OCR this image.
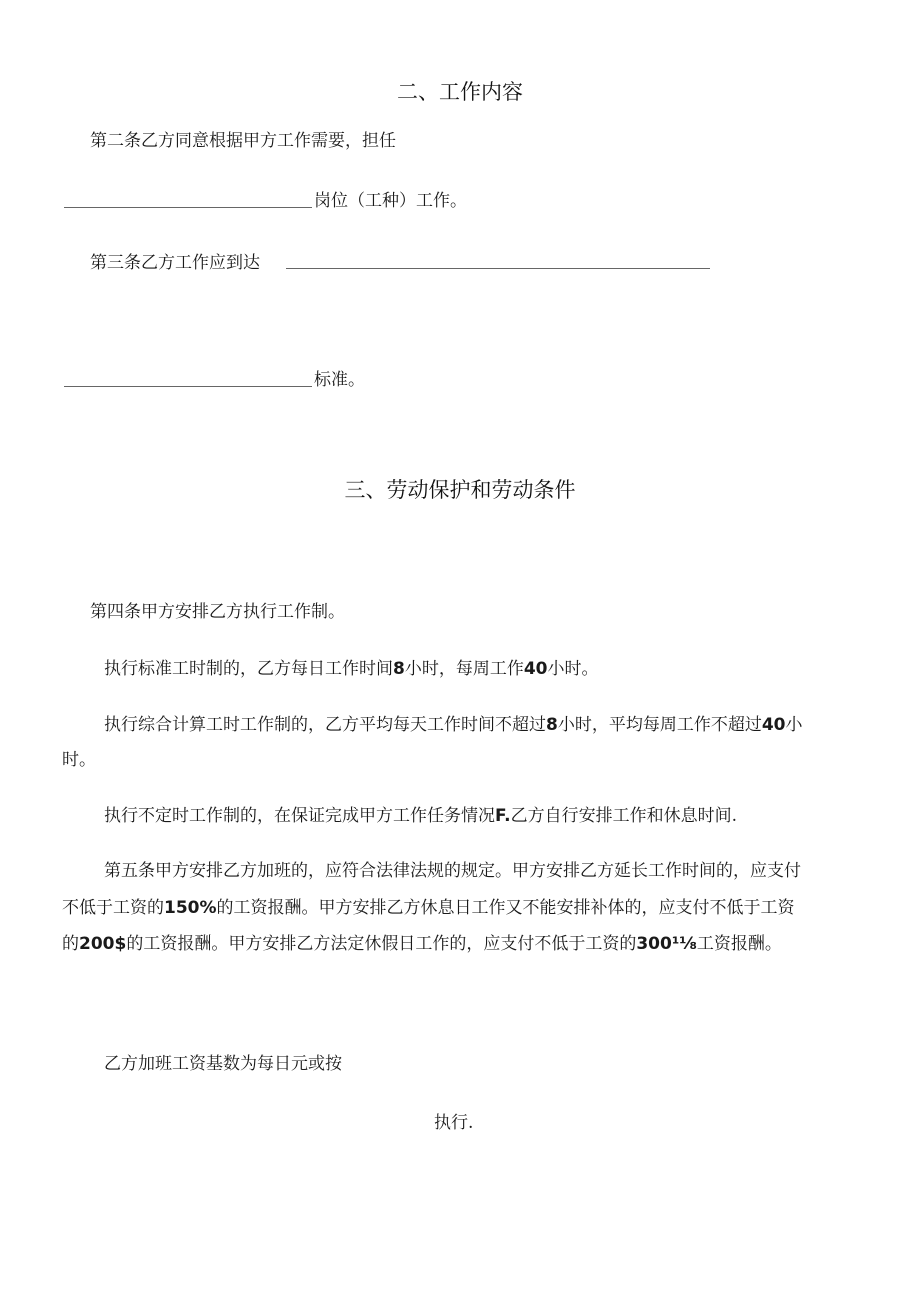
二、工作内容
第二条乙方同意根据甲方工作需要，担任
岗位（工种）工作。
第三条乙方工作应到达
标准。
三、劳动保护和劳动条件
第四条甲方安排乙方执行工作制。
执行标准工时制的，乙方每日工作时间8小时，每周工作40小时。
执行综合计算工时工作制的，乙方平均每天工作时间不超过8小时，平均每周工作不超过40小
时。
执行不定时工作制的，在保证完成甲方工作任务情况F.乙方自行安排工作和休息时间.
第五条甲方安排乙方加班的，应符合法律法规的规定。甲方安排乙方延长工作时间的，应支付
不低于工资的150%的工资报酬。甲方安排乙方休息日工作又不能安排补体的，应支付不低于工资
的200$的工资报酬。甲方安排乙方法定休假日工作的，应支付不低于工资的300¹⅛工资报酬。
乙方加班工资基数为每日元或按
执行.
